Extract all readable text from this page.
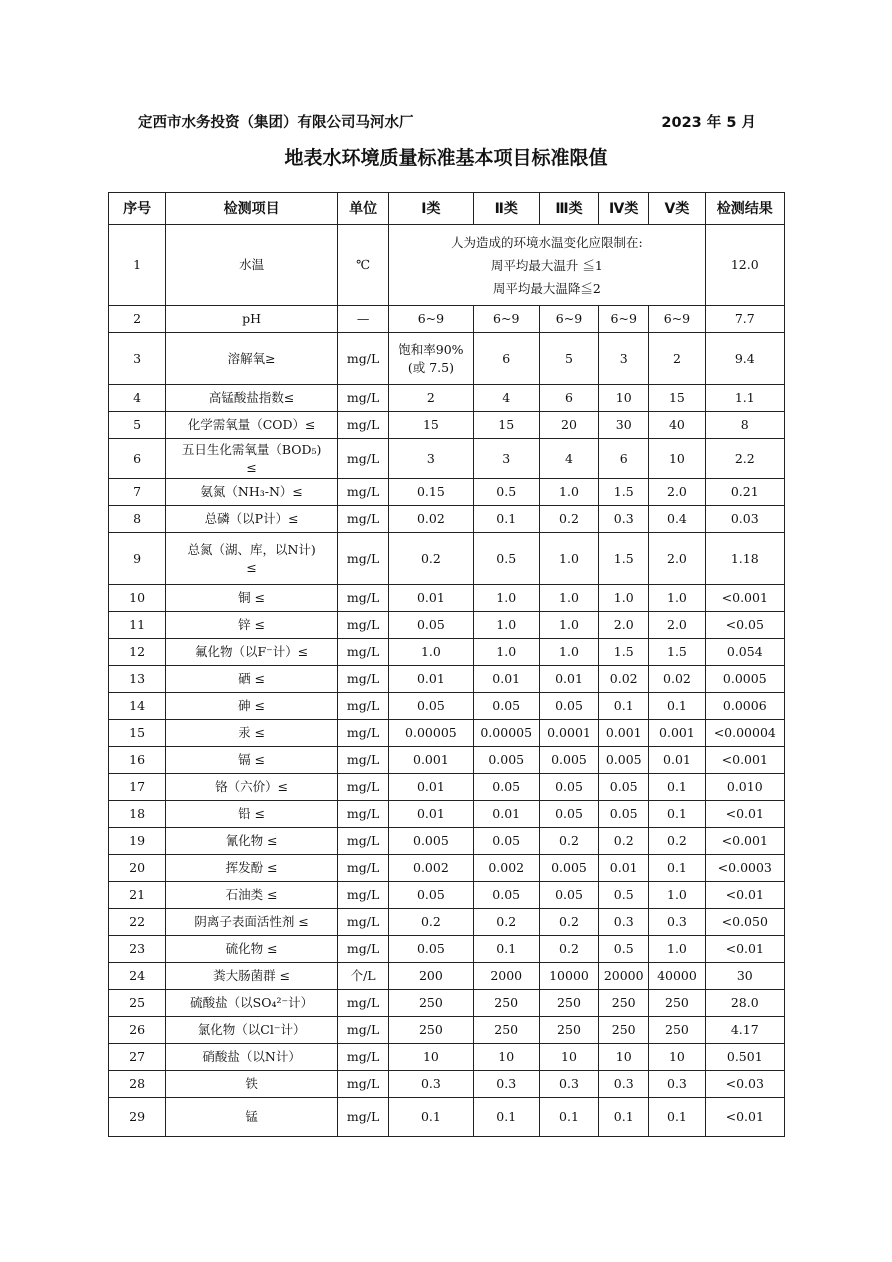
定西市水务投资（集团）有限公司马河水厂	2023 年 5 月
地表水环境质量标准基本项目标准限值
序号	检测项目	单位	Ⅰ类	Ⅱ类	Ⅲ类	Ⅳ类	Ⅴ类	检测结果
1	水温	℃	人为造成的环境水温变化应限制在:
周平均最大温升 ≦1
周平均最大温降≦2					12.0
2	pH	—	6~9	6~9	6~9	6~9	6~9	7.7
3	溶解氧≥	mg/L	饱和率90%
(或 7.5)	6	5	3	2	9.4
4	高锰酸盐指数≤	mg/L	2	4	6	10	15	1.1
5	化学需氧量（COD）≤	mg/L	15	15	20	30	40	8
6	五日生化需氧量（BOD₅)
≤	mg/L	3	3	4	6	10	2.2
7	氨氮（NH₃-N）≤	mg/L	0.15	0.5	1.0	1.5	2.0	0.21
8	总磷（以P计）≤	mg/L	0.02	0.1	0.2	0.3	0.4	0.03
9	总氮（湖、库，以N计)
≤	mg/L	0.2	0.5	1.0	1.5	2.0	1.18
10	铜 ≤	mg/L	0.01	1.0	1.0	1.0	1.0	<0.001
11	锌 ≤	mg/L	0.05	1.0	1.0	2.0	2.0	<0.05
12	氟化物（以F⁻计）≤	mg/L	1.0	1.0	1.0	1.5	1.5	0.054
13	硒 ≤	mg/L	0.01	0.01	0.01	0.02	0.02	0.0005
14	砷 ≤	mg/L	0.05	0.05	0.05	0.1	0.1	0.0006
15	汞 ≤	mg/L	0.00005	0.00005	0.0001	0.001	0.001	<0.00004
16	镉 ≤	mg/L	0.001	0.005	0.005	0.005	0.01	<0.001
17	铬（六价）≤	mg/L	0.01	0.05	0.05	0.05	0.1	0.010
18	铅 ≤	mg/L	0.01	0.01	0.05	0.05	0.1	<0.01
19	氰化物 ≤	mg/L	0.005	0.05	0.2	0.2	0.2	<0.001
20	挥发酚 ≤	mg/L	0.002	0.002	0.005	0.01	0.1	<0.0003
21	石油类 ≤	mg/L	0.05	0.05	0.05	0.5	1.0	<0.01
22	阴离子表面活性剂 ≤	mg/L	0.2	0.2	0.2	0.3	0.3	<0.050
23	硫化物 ≤	mg/L	0.05	0.1	0.2	0.5	1.0	<0.01
24	粪大肠菌群 ≤	个/L	200	2000	10000	20000	40000	30
25	硫酸盐（以SO₄²⁻计）	mg/L	250	250	250	250	250	28.0
26	氯化物（以Cl⁻计）	mg/L	250	250	250	250	250	4.17
27	硝酸盐（以N计）	mg/L	10	10	10	10	10	0.501
28	铁	mg/L	0.3	0.3	0.3	0.3	0.3	<0.03
29	锰	mg/L	0.1	0.1	0.1	0.1	0.1	<0.01
